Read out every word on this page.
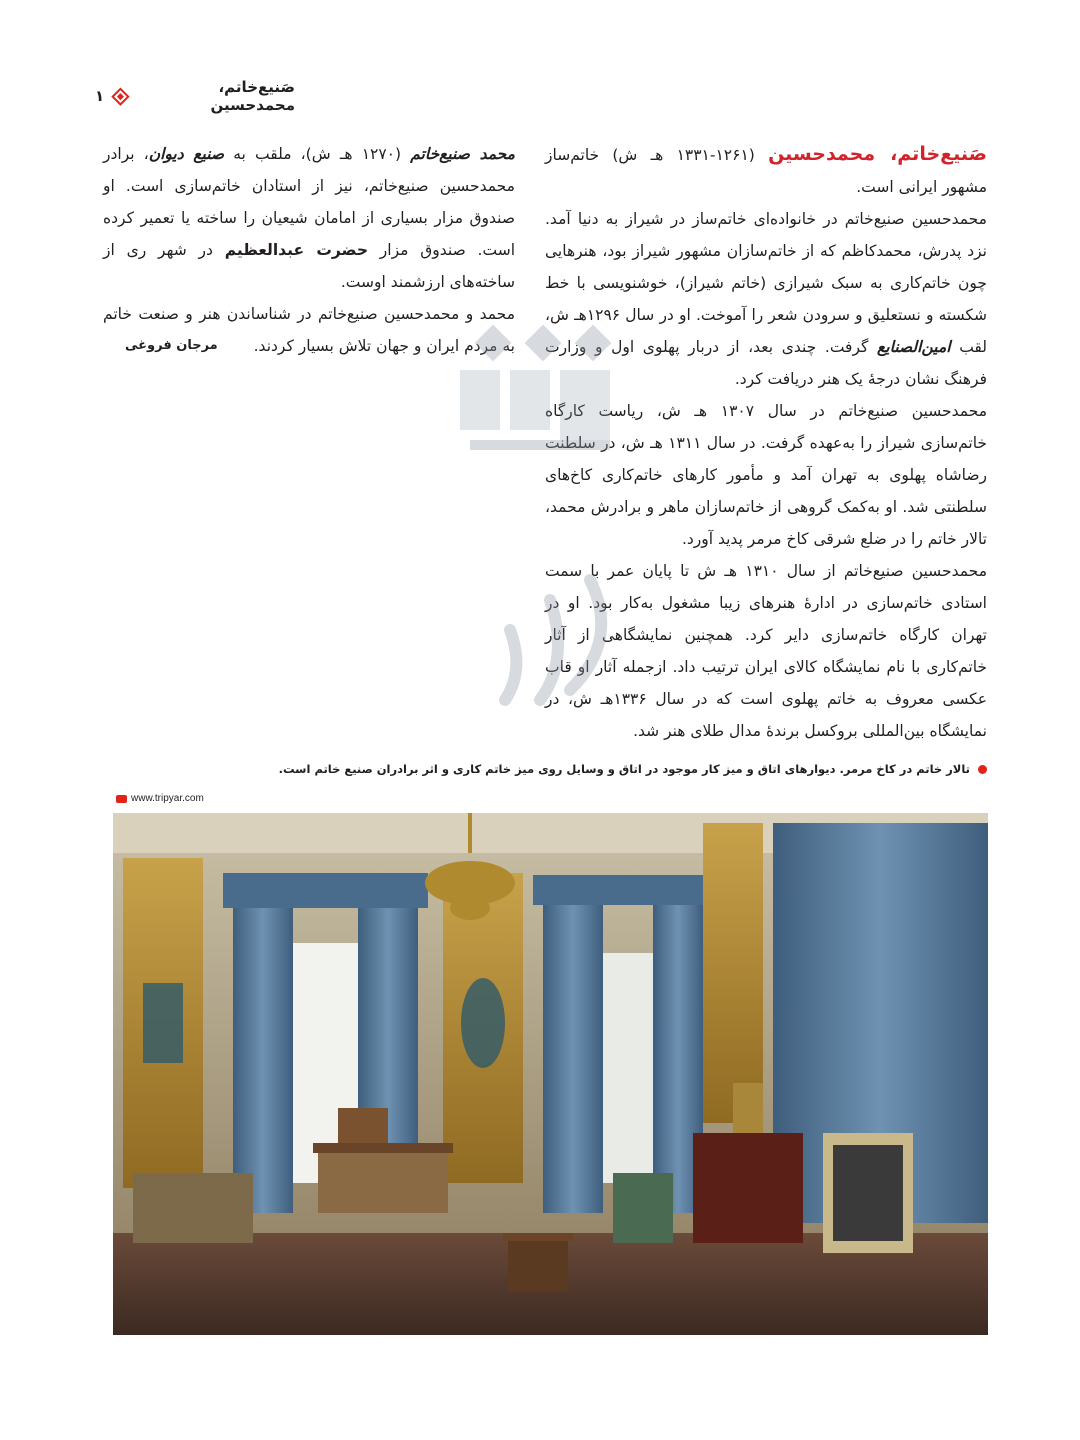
صَنیع‌خاتم، محمدحسین
۱

صَنیع‌خاتم، محمدحسین (۱۲۶۱-۱۳۳۱ هـ ش) خاتم‌ساز مشهور ایرانی است.

محمدحسین صنیع‌خاتم در خانواده‌ای خاتم‌ساز در شیراز به دنیا آمد. نزد پدرش، محمدکاظم که از خاتم‌سازان مشهور شیراز بود، هنرهایی چون خاتم‌کاری به سبک شیرازی (خاتم شیراز)، خوشنویسی با خط شکسته و نستعلیق و سرودن شعر را آموخت. او در سال ۱۲۹۶هـ ش، لقب امین‌الصنایع گرفت. چندی بعد، از دربار پهلوی اول و وزارت فرهنگ نشان درجهٔ یک هنر دریافت کرد.

محمدحسین صنیع‌خاتم در سال ۱۳۰۷ هـ ش، ریاست کارگاه خاتم‌سازی شیراز را به‌عهده گرفت. در سال ۱۳۱۱ هـ ش، در سلطنت رضاشاه پهلوی به تهران آمد و مأمور کارهای خاتم‌کاری کاخ‌های سلطنتی شد. او به‌کمک گروهی از خاتم‌سازان ماهر و برادرش محمد، تالار خاتم را در ضلع شرقی کاخ مرمر پدید آورد.

محمدحسین صنیع‌خاتم از سال ۱۳۱۰ هـ ش تا پایان عمر با سمت استادی خاتم‌سازی در ادارهٔ هنرهای زیبا مشغول به‌کار بود. او در تهران کارگاه خاتم‌سازی دایر کرد. همچنین نمایشگاهی از آثار خاتم‌کاری با نام نمایشگاه کالای ایران ترتیب داد. ازجمله آثار او قاب عکسی معروف به خاتم پهلوی است که در سال ۱۳۳۶هـ ش، در نمایشگاه بین‌المللی بروکسل برندهٔ مدال طلای هنر شد.

محمد صنیع‌خاتم (۱۲۷۰ هـ ش)، ملقب به صنیع دیوان، برادر محمدحسین صنیع‌خاتم، نیز از استادان خاتم‌سازی است. او صندوق مزار بسیاری از امامان شیعیان را ساخته یا تعمیر کرده است. صندوق مزار حضرت عبدالعظیم در شهر ری از ساخته‌های ارزشمند اوست.

محمد و محمدحسین صنیع‌خاتم در شناساندن هنر و صنعت خاتم به مردم ایران و جهان تلاش بسیار کردند.
مرجان فروغی
تالار خاتم در کاخ مرمر. دیوارهای اتاق و میز کار موجود در اتاق و وسایل روی میز خاتم کاری و اثر برادران صنیع خاتم است.
www.tripyar.com
